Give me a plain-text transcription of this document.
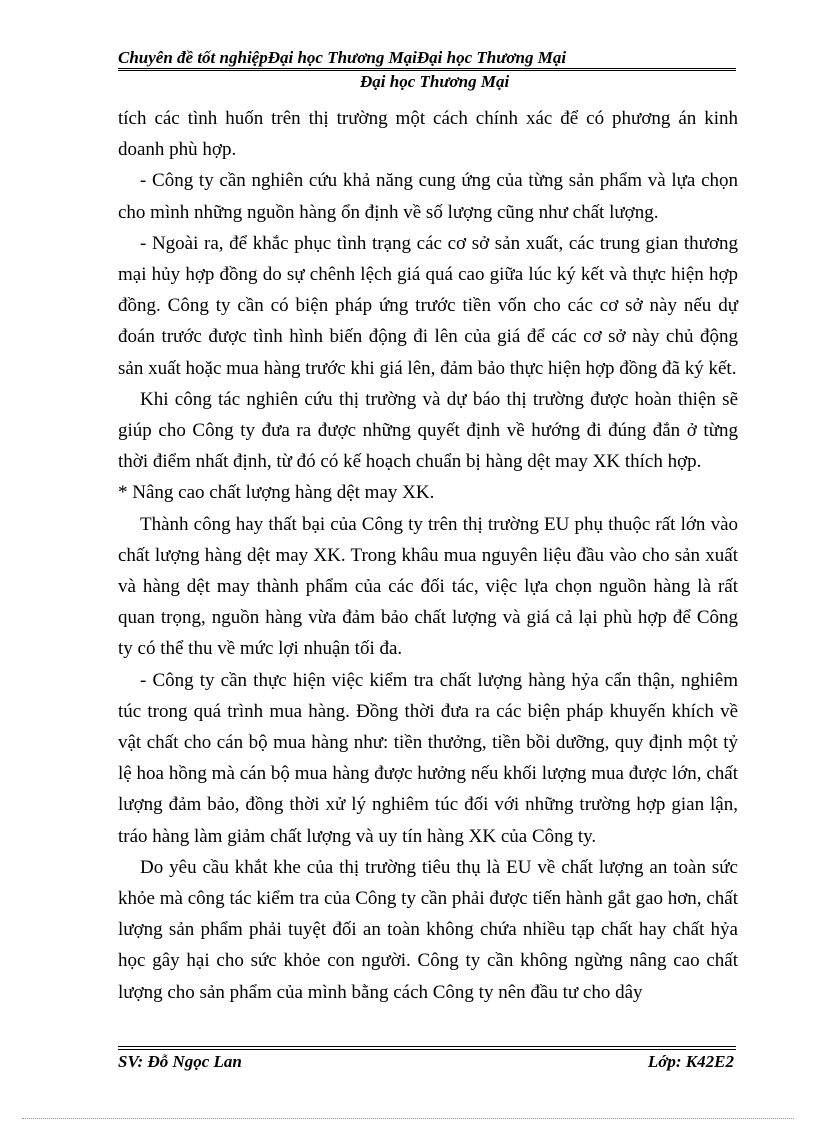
Chuyên đề tốt nghiệpĐại học Thương MạiĐại học Thương Mại
Đại học Thương Mại

tích các tình huốn trên thị trường một cách chính xác để có phương án kinh doanh phù hợp.

- Công ty cần nghiên cứu khả năng cung ứng của từng sản phẩm và lựa chọn cho mình những nguồn hàng ổn định về số lượng cũng như chất lượng.

- Ngoài ra, để khắc phục tình trạng các cơ sở sản xuất, các trung gian thương mại hủy hợp đồng do sự chênh lệch giá quá cao giữa lúc ký kết và thực hiện hợp đồng. Công ty cần có biện pháp ứng trước tiền vốn cho các cơ sở này nếu dự đoán trước được tình hình biến động đi lên của giá để các cơ sở này chủ động sản xuất hoặc mua hàng trước khi giá lên, đảm bảo thực hiện hợp đồng đã ký kết.

Khi công tác nghiên cứu thị trường và dự báo thị trường được hoàn thiện sẽ giúp cho Công ty đưa ra được những quyết định về hướng đi đúng đắn ở từng thời điểm nhất định, từ đó có kế hoạch chuẩn bị hàng dệt may XK thích hợp.

* Nâng cao chất lượng hàng dệt may XK.

Thành công hay thất bại của Công ty trên thị trường EU phụ thuộc rất lớn vào chất lượng hàng dệt may XK. Trong khâu mua nguyên liệu đầu vào cho sản xuất và hàng dệt may thành phẩm của các đối tác, việc lựa chọn nguồn hàng là rất quan trọng, nguồn hàng vừa đảm bảo chất lượng và giá cả lại phù hợp để Công ty có thể thu về mức lợi nhuận tối đa.

- Công ty cần thực hiện việc kiểm tra chất lượng hàng hỷa cẩn thận, nghiêm túc trong quá trình mua hàng. Đồng thời đưa ra các biện pháp khuyến khích về vật chất cho cán bộ mua hàng như: tiền thưởng, tiền bồi dưỡng, quy định một tỷ lệ hoa hồng mà cán bộ mua hàng được hưởng nếu khối lượng mua được lớn, chất lượng đảm bảo, đồng thời xử lý nghiêm túc đối với những trường hợp gian lận, tráo hàng làm giảm chất lượng và uy tín hàng XK của Công ty.

Do yêu cầu khắt khe của thị trường tiêu thụ là EU về chất lượng an toàn sức khỏe mà công tác kiểm tra của Công ty cần phải được tiến hành gắt gao hơn, chất lượng sản phẩm phải tuyệt đối an toàn không chứa nhiều tạp chất hay chất hỷa học gây hại cho sức khỏe con người. Công ty cần không ngừng nâng cao chất lượng cho sản phẩm của mình bằng cách Công ty nên đầu tư cho dây

SV: Đỗ Ngọc Lan	Lớp: K42E2
